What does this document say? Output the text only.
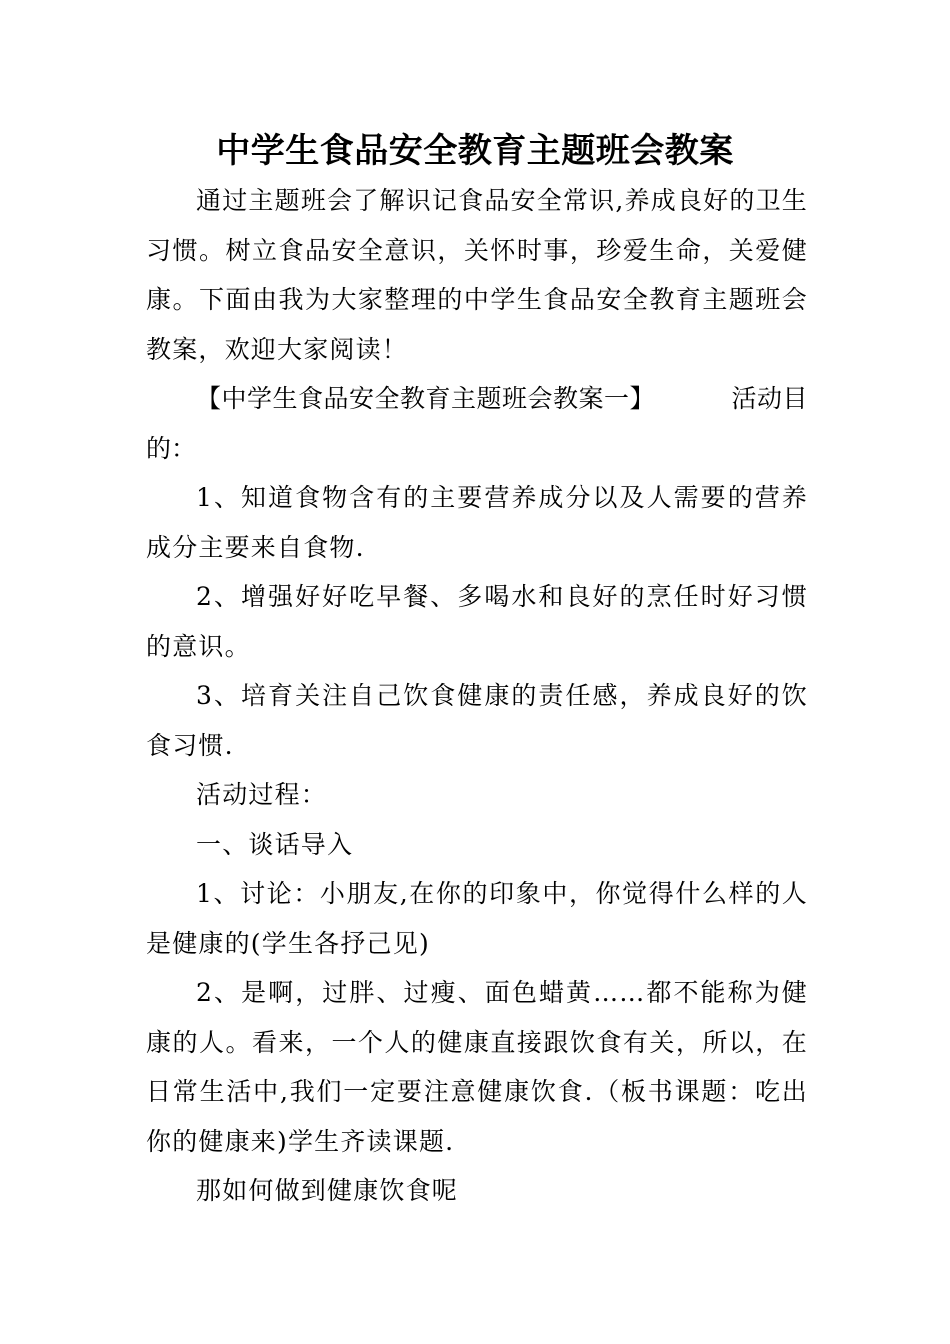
中学生食品安全教育主题班会教案

通过主题班会了解识记食品安全常识,养成良好的卫生习惯。树立食品安全意识，关怀时事，珍爱生命，关爱健康。下面由我为大家整理的中学生食品安全教育主题班会教案，欢迎大家阅读！

【中学生食品安全教育主题班会教案一】	活动目
的：

1、知道食物含有的主要营养成分以及人需要的营养成分主要来自食物.

2、增强好好吃早餐、多喝水和良好的烹任时好习惯的意识。

3、培育关注自己饮食健康的责任感，养成良好的饮食习惯.

活动过程：

一、谈话导入

1、讨论：小朋友,在你的印象中，你觉得什么样的人是健康的(学生各抒己见)

2、是啊，过胖、过瘦、面色蜡黄……都不能称为健康的人。看来，一个人的健康直接跟饮食有关，所以，在日常生活中,我们一定要注意健康饮食.（板书课题：吃出你的健康来)学生齐读课题.

那如何做到健康饮食呢
